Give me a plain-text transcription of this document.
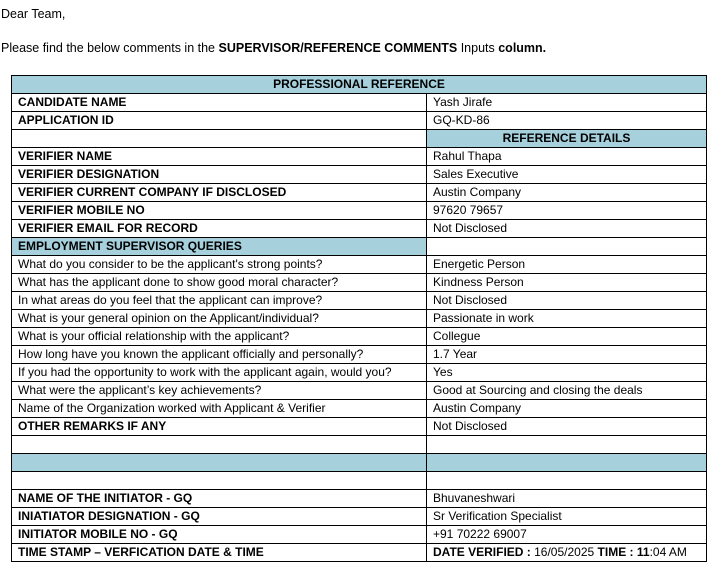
Dear Team,
Please find the below comments in the SUPERVISOR/REFERENCE COMMENTS Inputs column.
PROFESSIONAL REFERENCE	
CANDIDATE NAME	Yash Jirafe
APPLICATION ID	GQ-KD-86
	REFERENCE DETAILS
VERIFIER NAME	Rahul Thapa
VERIFIER DESIGNATION	Sales Executive
VERIFIER CURRENT COMPANY IF DISCLOSED	Austin Company
VERIFIER MOBILE NO	97620 79657
VERIFIER EMAIL FOR RECORD	Not Disclosed
EMPLOYMENT SUPERVISOR QUERIES	
What do you consider to be the applicant's strong points?	Energetic Person
What has the applicant done to show good moral character?	Kindness Person
In what areas do you feel that the applicant can improve?	Not Disclosed
What is your general opinion on the Applicant/individual?	Passionate in work
What is your official relationship with the applicant?	Collegue
How long have you known the applicant officially and personally?	1.7 Year
If you had the opportunity to work with the applicant again, would you?	Yes
What were the applicant’s key achievements?	Good at Sourcing and closing the deals
Name of the Organization worked with Applicant & Verifier	Austin Company
OTHER REMARKS IF ANY	Not Disclosed

NAME OF THE INITIATOR - GQ	Bhuvaneshwari
INIATIATOR DESIGNATION - GQ	Sr Verification Specialist
INITIATOR MOBILE NO - GQ	+91 70222 69007
TIME STAMP – VERFICATION DATE & TIME	DATE VERIFIED : 16/05/2025 TIME : 11:04 AM
